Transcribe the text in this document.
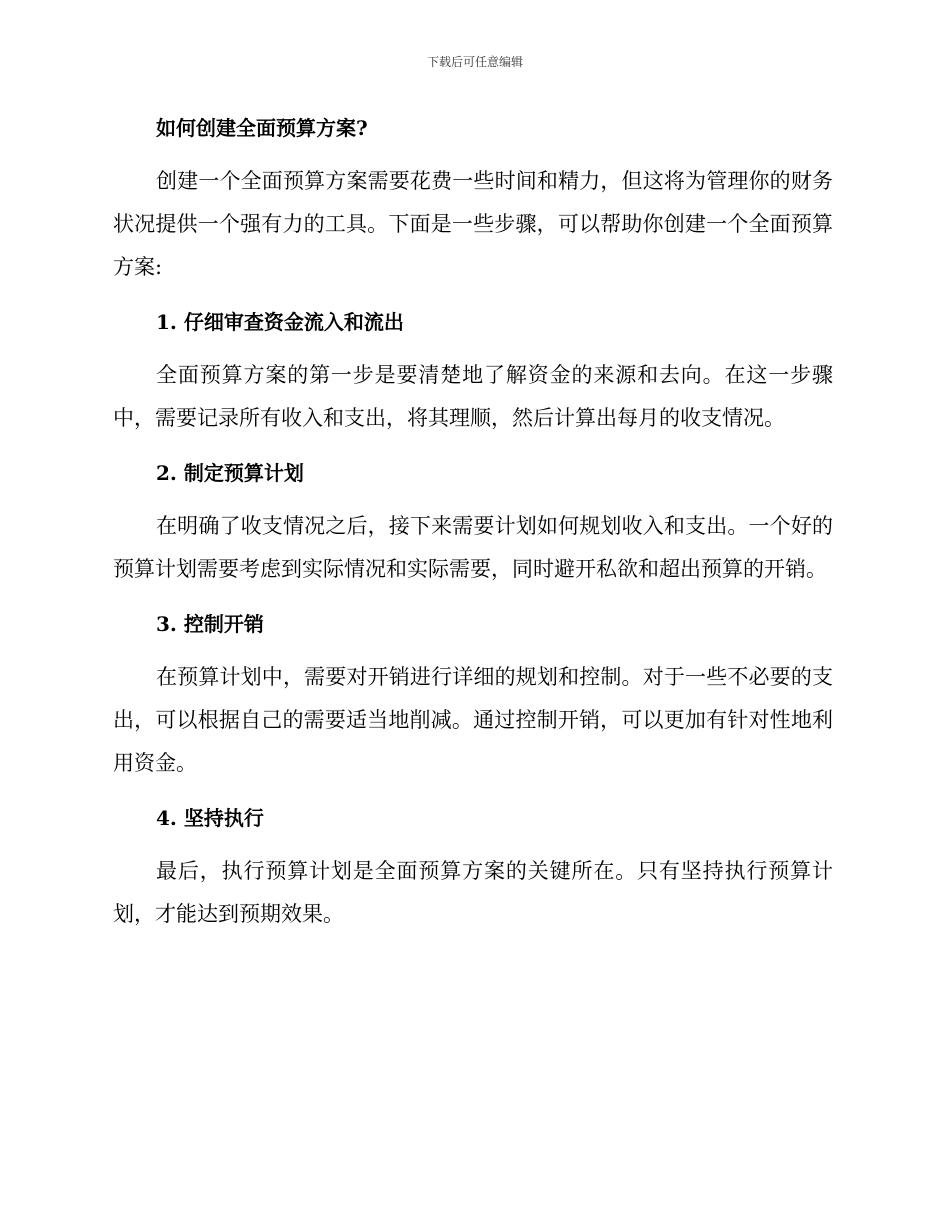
下载后可任意编辑
如何创建全面预算方案?

创建一个全面预算方案需要花费一些时间和精力，但这将为管理你的财务状况提供一个强有力的工具。下面是一些步骤，可以帮助你创建一个全面预算方案:

1. 仔细审查资金流入和流出

全面预算方案的第一步是要清楚地了解资金的来源和去向。在这一步骤中，需要记录所有收入和支出，将其理顺，然后计算出每月的收支情况。

2. 制定预算计划

在明确了收支情况之后，接下来需要计划如何规划收入和支出。一个好的预算计划需要考虑到实际情况和实际需要，同时避开私欲和超出预算的开销。

3. 控制开销

在预算计划中，需要对开销进行详细的规划和控制。对于一些不必要的支出，可以根据自己的需要适当地削减。通过控制开销，可以更加有针对性地利用资金。

4. 坚持执行

最后，执行预算计划是全面预算方案的关键所在。只有坚持执行预算计划，才能达到预期效果。
